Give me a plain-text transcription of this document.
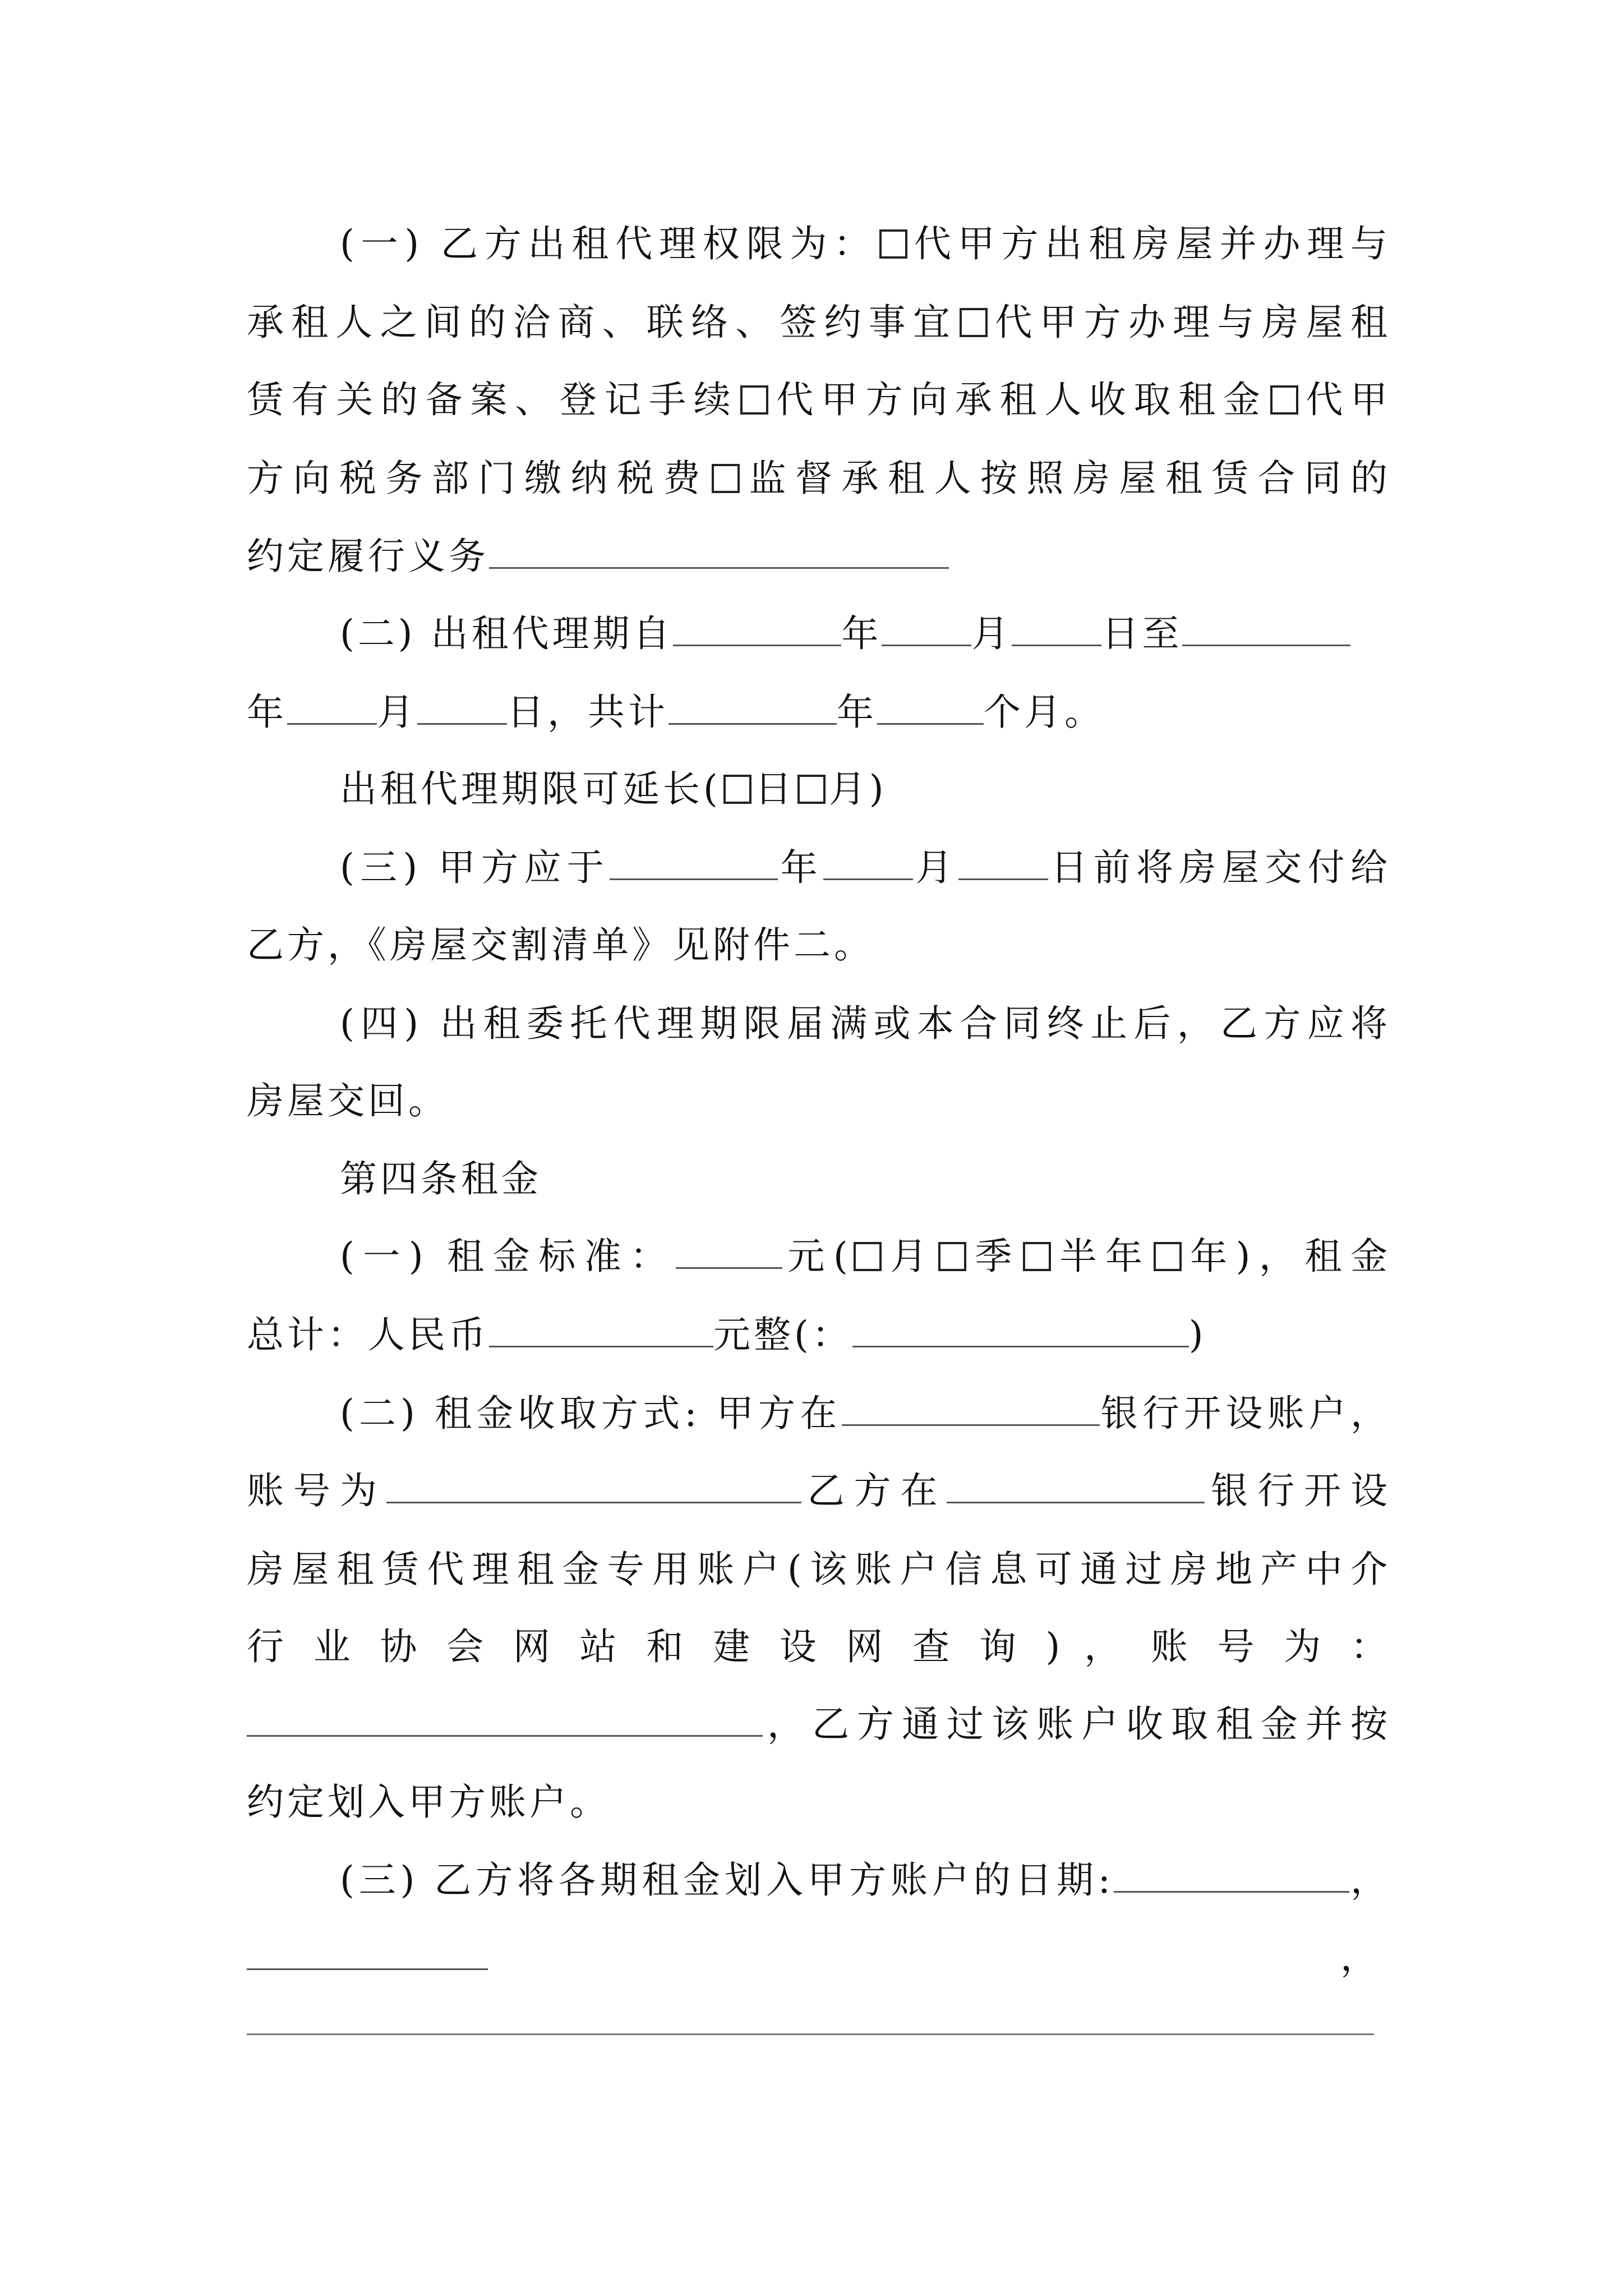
(一) 乙方出租代理权限为： 代甲方出租房屋并办理与
承租人之间的洽商、联络、签约事宜 代甲方办理与房屋租
赁有关的备案、登记手续 代甲方向承租人收取租金 代甲
方向税务部门缴纳税费 监督承租人按照房屋租赁合同的
约定履行义务
(二) 出租代理期自	年 月 日至
年 月 日，共计	年	个月。
出租代理期限可延长( 日 月)
(三) 甲方应于	年 月 日前将房屋交付给
乙方，《房屋交割清单》见附件二。
(四) 出租委托代理期限届满或本合同终止后，乙方应将
房屋交回。
第四条租金
(一) 租金标准：	元( 月 季 半年 年)，租金
总计：人民币	元整(：	)
(二) 租金收取方式: 甲方在	银行开设账户，
账号为	乙方在	银行开设
房屋租赁代理租金专用账户(该账户信息可通过房地产中介
行 业 协 会 网 站 和 建 设 网 查 询 ) ， 账 号 为 ：
，乙方通过该账户收取租金并按
约定划入甲方账户。
(三) 乙方将各期租金划入甲方账户的日期:	，
，
